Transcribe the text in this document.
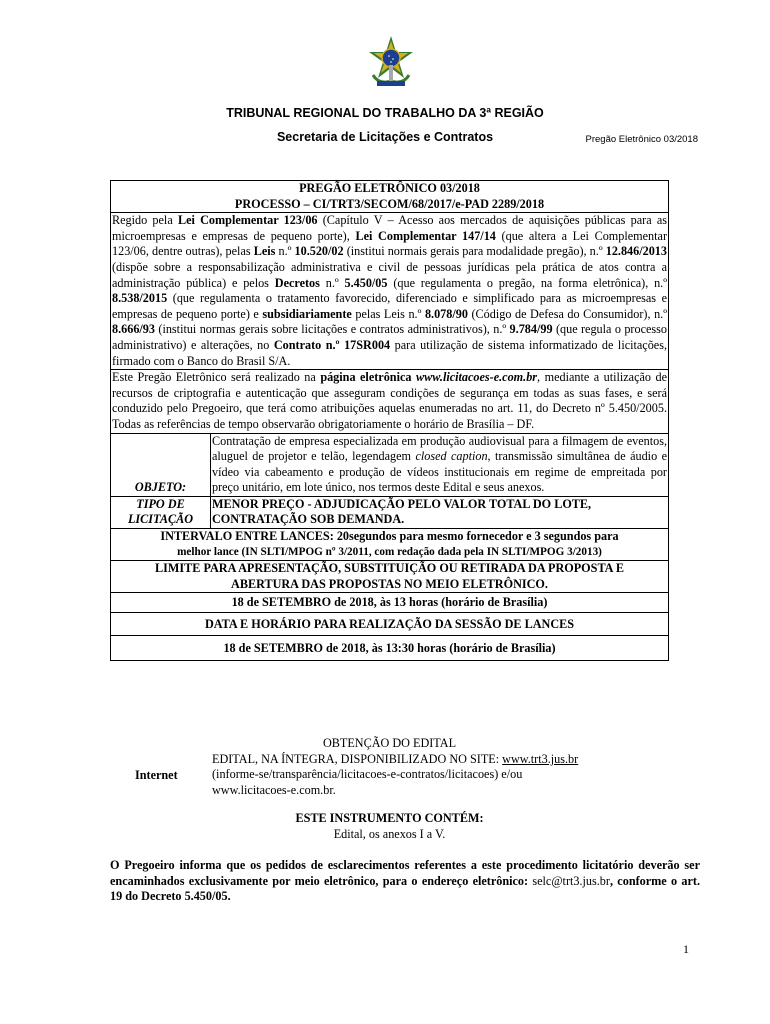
TRIBUNAL REGIONAL DO TRABALHO DA 3ª REGIÃO
Secretaria de Licitações e Contratos	Pregão Eletrônico 03/2018
PREGÃO ELETRÔNICO 03/2018
PROCESSO – CI/TRT3/SECOM/68/2017/e-PAD 2289/2018	

Regido pela Lei Complementar 123/06 (Capítulo V – Acesso aos mercados de aquisições públicas para as microempresas e empresas de pequeno porte), Lei Complementar 147/14 (que altera a Lei Complementar 123/06, dentre outras), pelas Leis n.º 10.520/02 (institui normais gerais para modalidade pregão), n.º 12.846/2013 (dispõe sobre a responsabilização administrativa e civil de pessoas jurídicas pela prática de atos contra a administração pública) e pelos Decretos n.º 5.450/05 (que regulamenta o pregão, na forma eletrônica), n.º 8.538/2015 (que regulamenta o tratamento favorecido, diferenciado e simplificado para as microempresas e empresas de pequeno porte) e subsidiariamente pelas Leis n.º 8.078/90 (Código de Defesa do Consumidor), n.º 8.666/93 (institui normas gerais sobre licitações e contratos administrativos), n.º 9.784/99 (que regula o processo administrativo) e alterações, no Contrato n.º 17SR004 para utilização de sistema informatizado de licitações, firmado com o Banco do Brasil S/A.	
Este Pregão Eletrônico será realizado na página eletrônica www.licitacoes-e.com.br, mediante a utilização de recursos de criptografia e autenticação que asseguram condições de segurança em todas as suas fases, e será conduzido pelo Pregoeiro, que terá como atribuições aquelas enumeradas no art. 11, do Decreto nº 5.450/2005. Todas as referências de tempo observarão obrigatoriamente o horário de Brasília – DF.	
OBJETO:	Contratação de empresa especializada em produção audiovisual para a filmagem de eventos, aluguel de projetor e telão, legendagem closed caption, transmissão simultânea de áudio e vídeo via cabeamento e produção de vídeos institucionais em regime de empreitada por preço unitário, em lote único, nos termos deste Edital e seus anexos.

TIPO DE
LICITAÇÃO	MENOR PREÇO - ADJUDICAÇÃO PELO VALOR TOTAL DO LOTE, CONTRATAÇÃO SOB DEMANDA.

INTERVALO ENTRE LANCES: 20segundos para mesmo fornecedor e 3 segundos para
melhor lance (IN SLTI/MPOG nº 3/2011, com redação dada pela IN SLTI/MPOG 3/2013)	

LIMITE PARA APRESENTAÇÃO, SUBSTITUIÇÃO OU RETIRADA DA PROPOSTA E
ABERTURA DAS PROPOSTAS NO MEIO ELETRÔNICO.	

18 de SETEMBRO de 2018, às 13 horas (horário de Brasília)	
DATA E HORÁRIO PARA REALIZAÇÃO DA SESSÃO DE LANCES	
18 de SETEMBRO de 2018, às 13:30 horas (horário de Brasília)	
OBTENÇÃO DO EDITAL
Internet
EDITAL, NA ÍNTEGRA, DISPONIBILIZADO NO SITE: www.trt3.jus.br
(informe-se/transparência/licitacoes-e-contratos/licitacoes) e/ou
www.licitacoes-e.com.br.
ESTE INSTRUMENTO CONTÉM:
Edital, os anexos I a V.
O Pregoeiro informa que os pedidos de esclarecimentos referentes a este procedimento licitatório deverão ser encaminhados exclusivamente por meio eletrônico, para o endereço eletrônico: selc@trt3.jus.br, conforme o art. 19 do Decreto 5.450/05.
1
